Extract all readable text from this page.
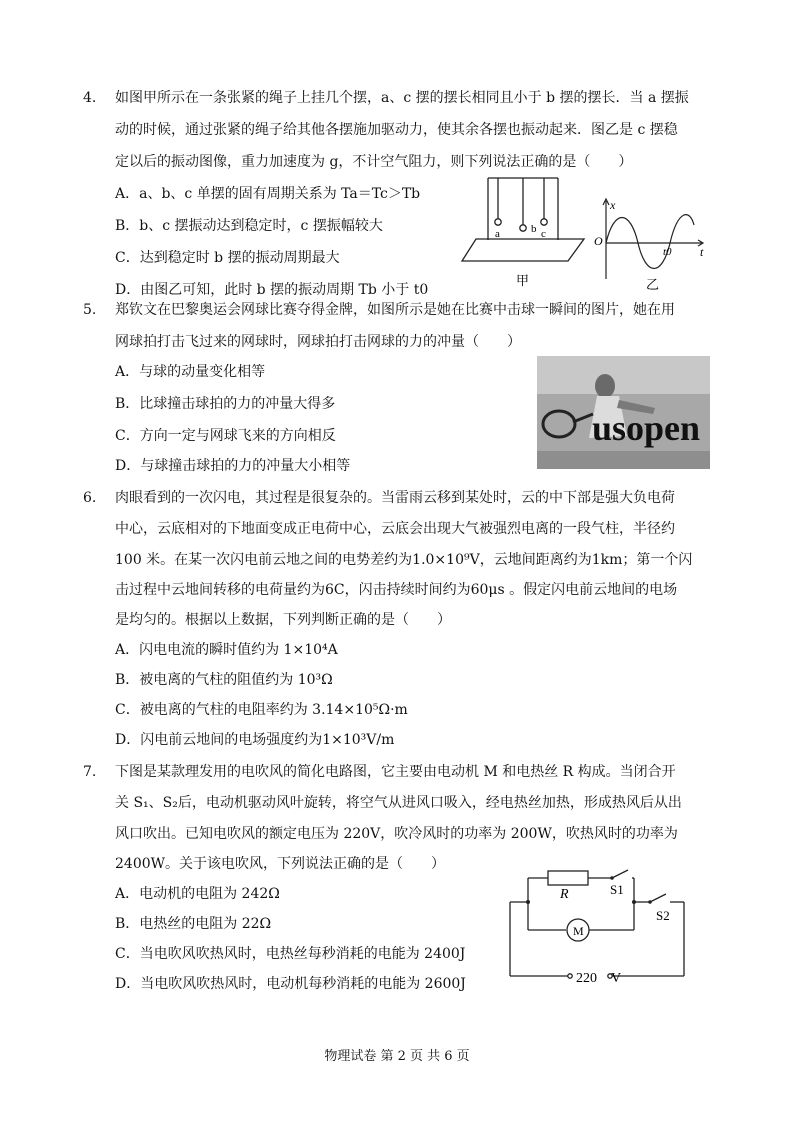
4. 如图甲所示在一条张紧的绳子上挂几个摆，a、c 摆的摆长相同且小于 b 摆的摆长．当 a 摆振
动的时候，通过张紧的绳子给其他各摆施加驱动力，使其余各摆也振动起来．图乙是 c 摆稳
定以后的振动图像，重力加速度为 g，不计空气阻力，则下列说法正确的是（　　）
A．a、b、c 单摆的固有周期关系为 Ta＝Tc＞Tb
B．b、c 摆振动达到稳定时，c 摆振幅较大
C．达到稳定时 b 摆的振动周期最大
D．由图乙可知，此时 b 摆的振动周期 Tb 小于 t0
a	b c
甲
x
O
t
t0
乙
5. 郑钦文在巴黎奥运会网球比赛夺得金牌，如图所示是她在比赛中击球一瞬间的图片，她在用
网球拍打击飞过来的网球时，网球拍打击网球的力的冲量（　　）
A．与球的动量变化相等
B．比球撞击球拍的力的冲量大得多
C．方向一定与网球飞来的方向相反
D．与球撞击球拍的力的冲量大小相等
usopen
6. 肉眼看到的一次闪电，其过程是很复杂的。当雷雨云移到某处时，云的中下部是强大负电荷
中心，云底相对的下地面变成正电荷中心，云底会出现大气被强烈电离的一段气柱，半径约
100 米。在某一次闪电前云地之间的电势差约为1.0×10⁹V，云地间距离约为1km；第一个闪
击过程中云地间转移的电荷量约为6C，闪击持续时间约为60μs 。假定闪电前云地间的电场
是均匀的。根据以上数据，下列判断正确的是（　　）
A．闪电电流的瞬时值约为 1×10⁴A
B．被电离的气柱的阻值约为 10³Ω
C．被电离的气柱的电阻率约为 3.14×10⁵Ω·m
D．闪电前云地间的电场强度约为1×10³V/m
7. 下图是某款理发用的电吹风的简化电路图，它主要由电动机 M 和电热丝 R 构成。当闭合开
关 S₁、S₂后，电动机驱动风叶旋转，将空气从进风口吸入，经电热丝加热，形成热风后从出
风口吹出。已知电吹风的额定电压为 220V，吹冷风时的功率为 200W，吹热风时的功率为
2400W。关于该电吹风，下列说法正确的是（　　）
A．电动机的电阻为 242Ω
B．电热丝的电阻为 22Ω
C．当电吹风吹热风时，电热丝每秒消耗的电能为 2400J
D．当电吹风吹热风时，电动机每秒消耗的电能为 2600J
R	S1
S2
M
220　V
物理试卷 第 2 页 共 6 页
